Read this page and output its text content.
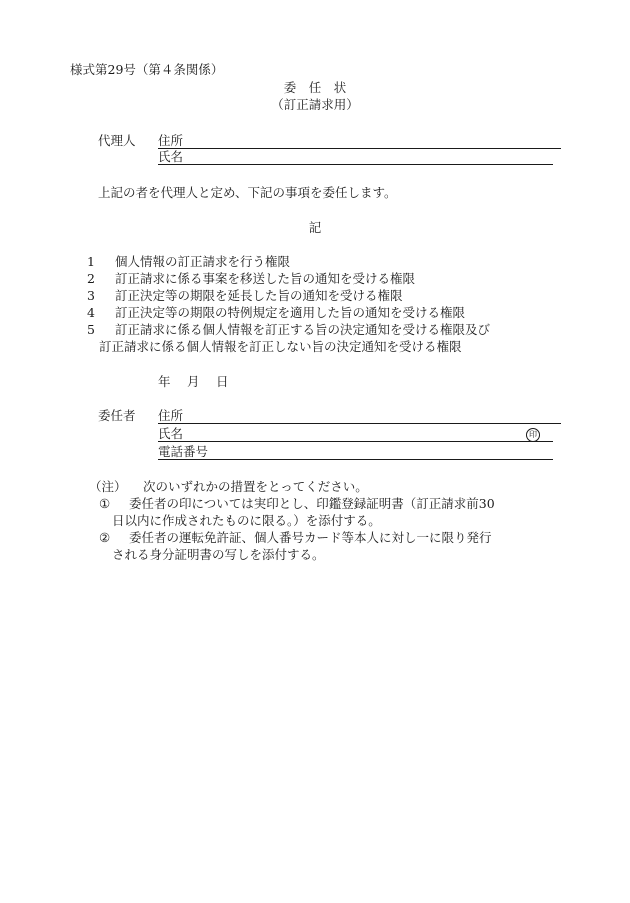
様式第29号（第４条関係）
委　任　状
（訂正請求用）
代理人 住所
氏名
上記の者を代理人と定め、下記の事項を委任します。
記
1 個人情報の訂正請求を行う権限
2 訂正請求に係る事案を移送した旨の通知を受ける権限
3 訂正決定等の期限を延長した旨の通知を受ける権限
4 訂正決定等の期限の特例規定を適用した旨の通知を受ける権限
5 訂正請求に係る個人情報を訂正する旨の決定通知を受ける権限及び
訂正請求に係る個人情報を訂正しない旨の決定通知を受ける権限
年　 月　 日
委任者 住所
氏名	印
電話番号
（注） 次のいずれかの措置をとってください。
① 委任者の印については実印とし、印鑑登録証明書（訂正請求前30
日以内に作成されたものに限る。）を添付する。
② 委任者の運転免許証、個人番号カード等本人に対し一に限り発行
される身分証明書の写しを添付する。
